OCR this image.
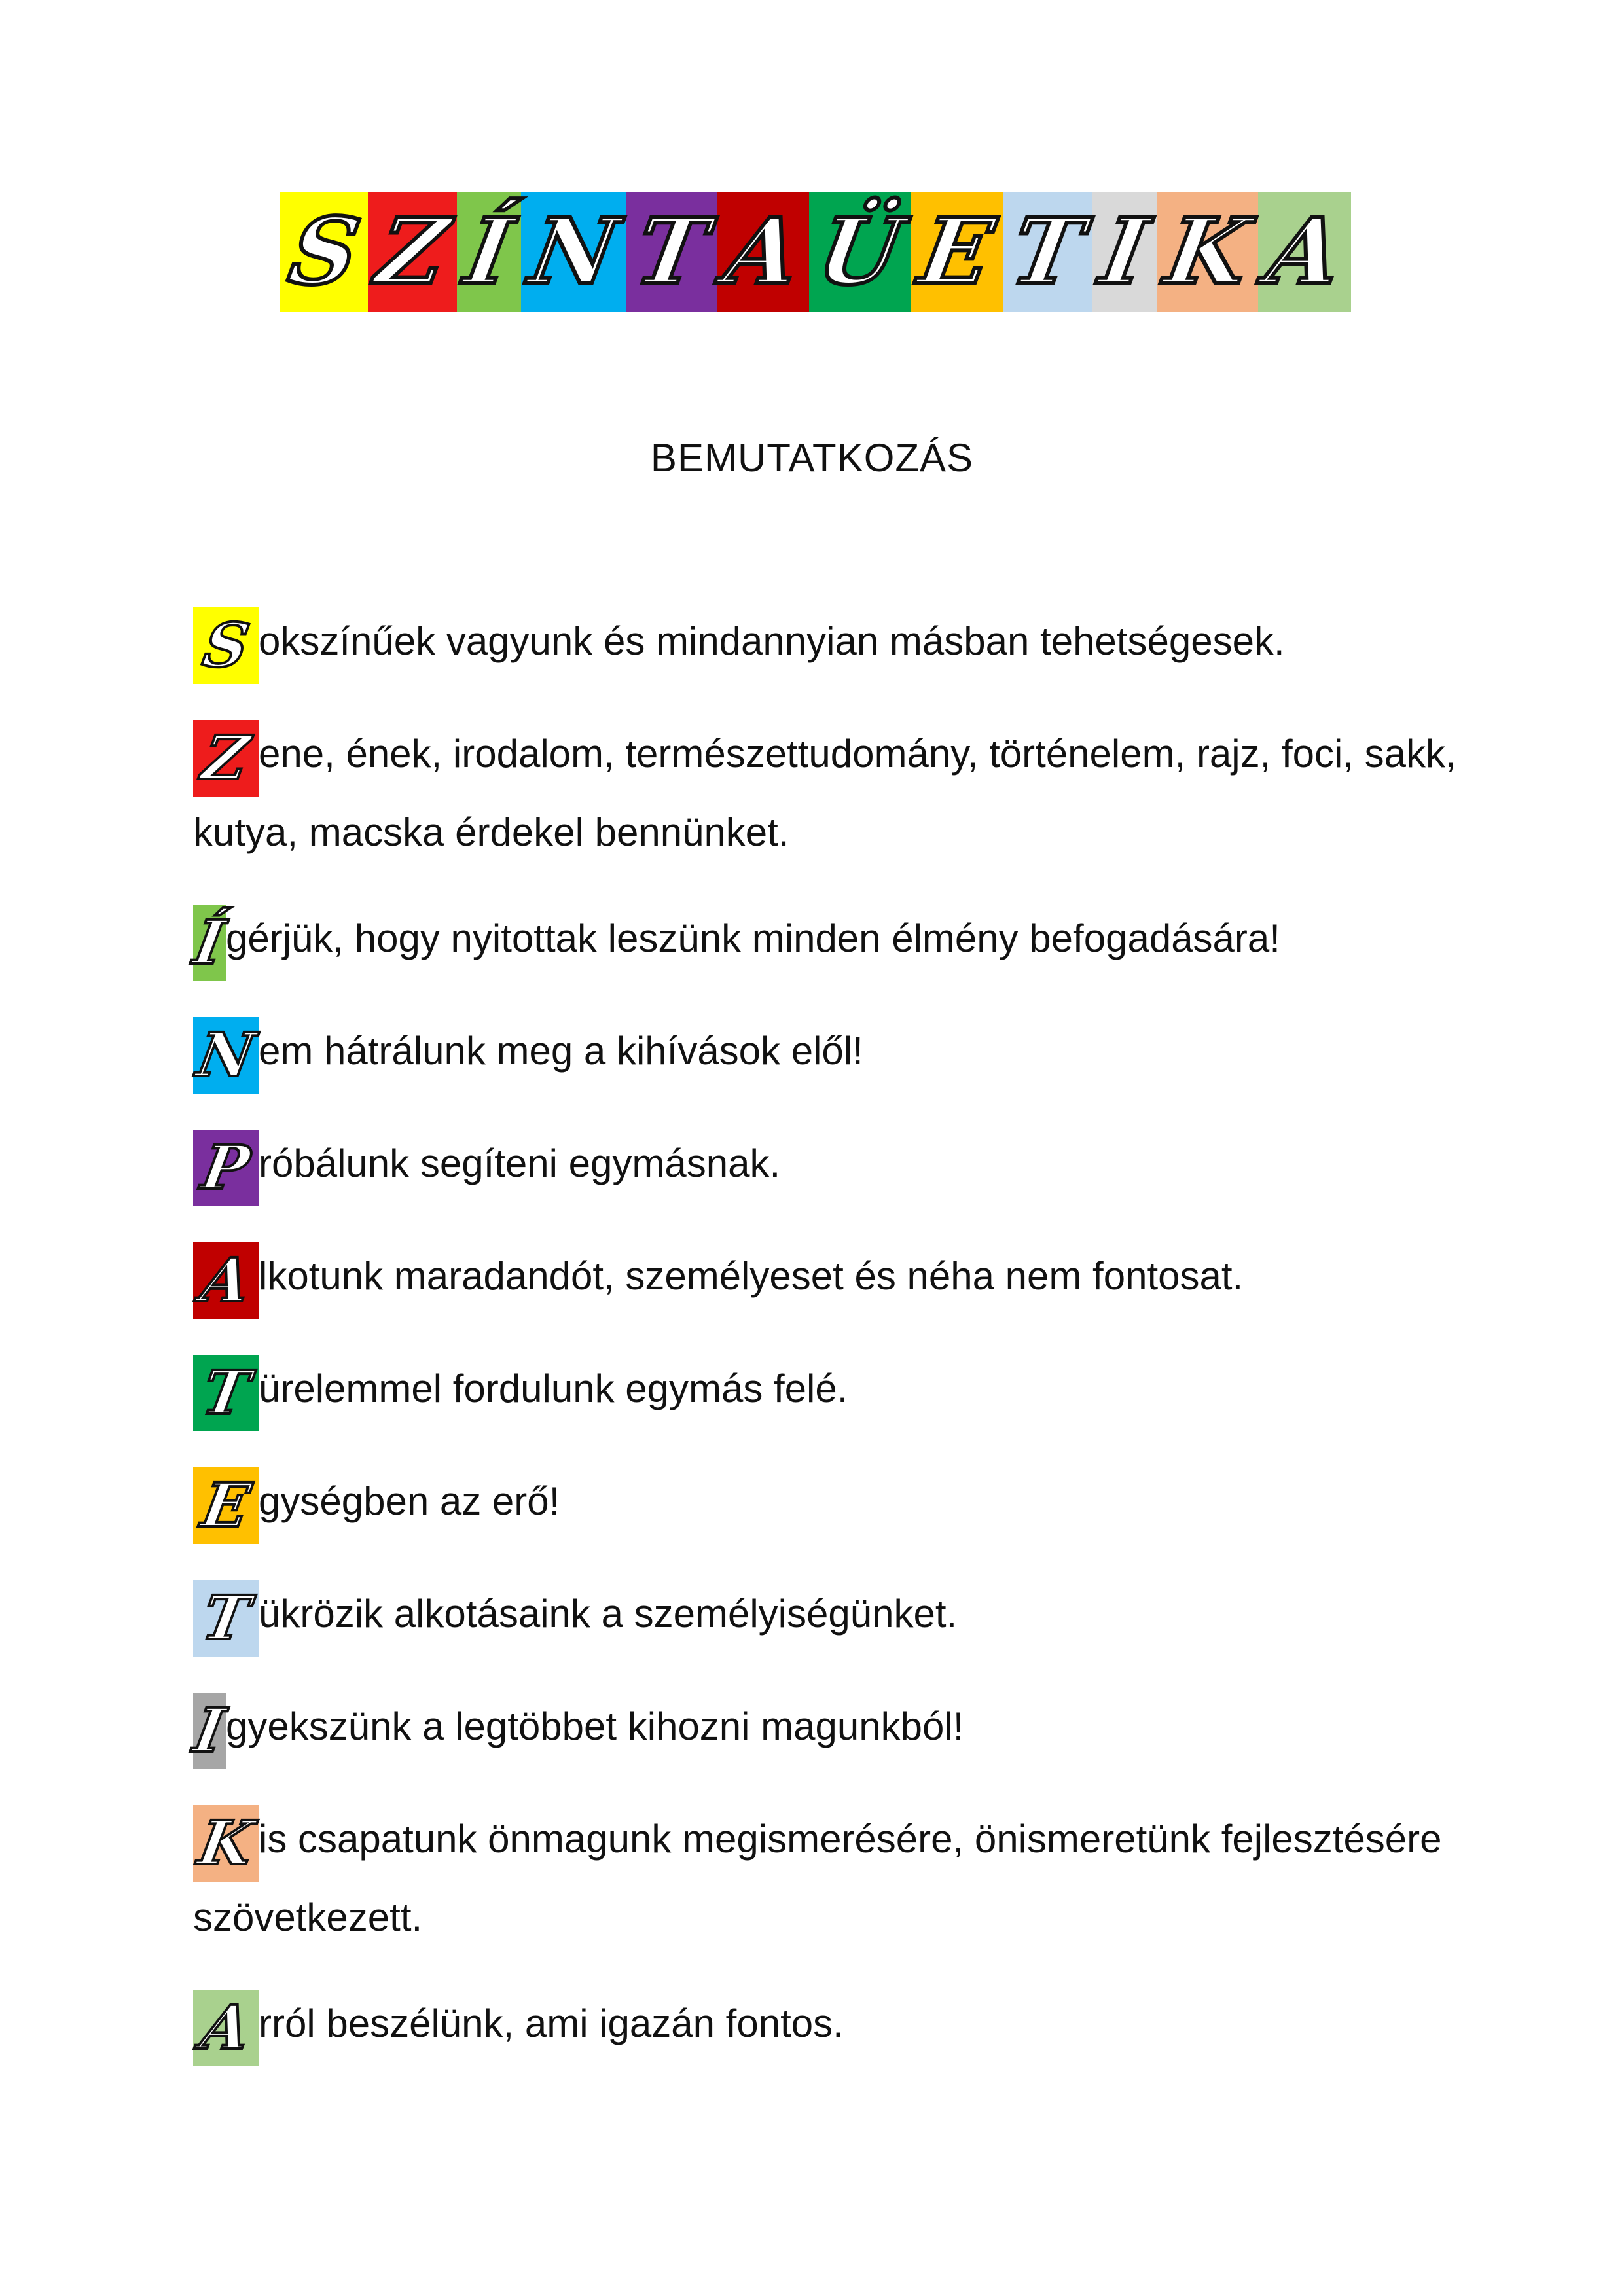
S Z Í N T A Ü E T I K A
BEMUTATKOZÁS

Sokszínűek vagyunk és mindannyian másban tehetségesek.

Zene, ének, irodalom, természettudomány, történelem, rajz, foci, sakk, kutya, macska érdekel bennünket.

Ígérjük, hogy nyitottak leszünk minden élmény befogadására!

Nem hátrálunk meg a kihívások elől!

Próbálunk segíteni egymásnak.

Alkotunk maradandót, személyeset és néha nem fontosat.

Türelemmel fordulunk egymás felé.

Egységben az erő!

Tükrözik alkotásaink a személyiségünket.

Igyekszünk a legtöbbet kihozni magunkból!

Kis csapatunk önmagunk megismerésére, önismeretünk fejlesztésére szövetkezett.

Arról beszélünk, ami igazán fontos.
